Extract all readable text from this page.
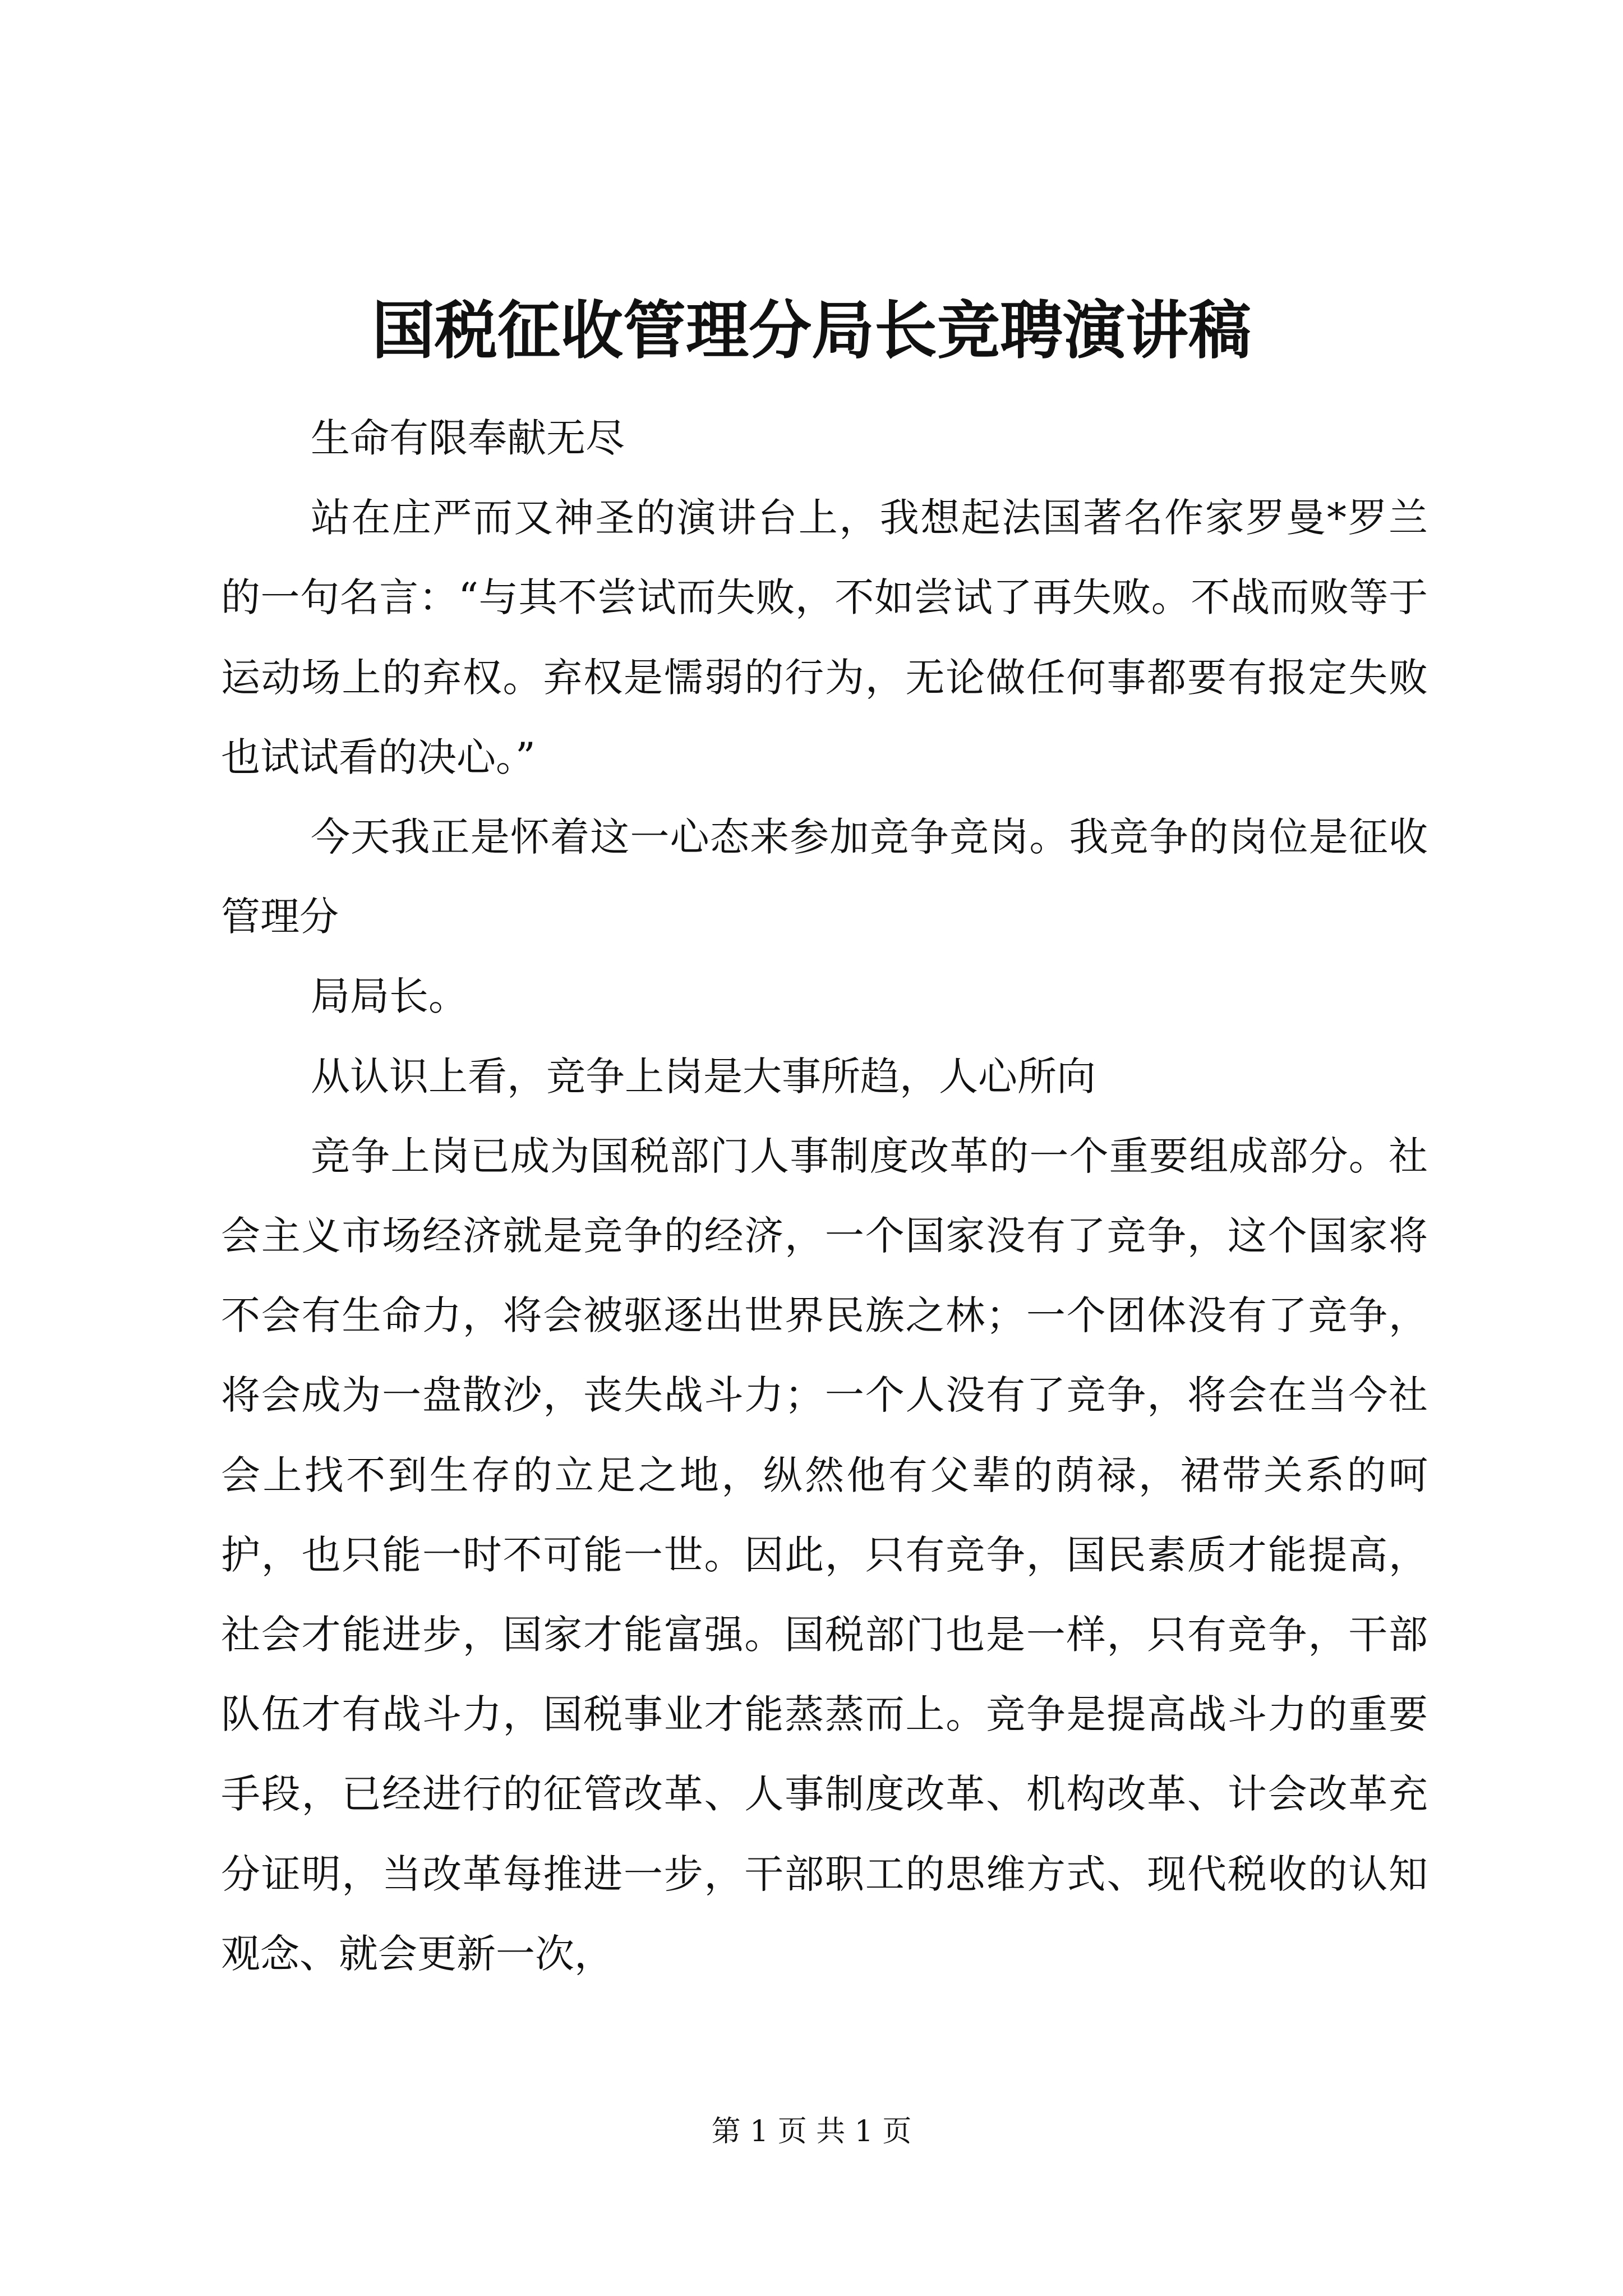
国税征收管理分局长竞聘演讲稿

生命有限奉献无尽

站在庄严而又神圣的演讲台上，我想起法国著名作家罗曼*罗兰的一句名言：“与其不尝试而失败，不如尝试了再失败。不战而败等于运动场上的弃权。弃权是懦弱的行为，无论做任何事都要有报定失败也试试看的决心。”

今天我正是怀着这一心态来参加竞争竞岗。我竞争的岗位是征收管理分

局局长。

从认识上看，竞争上岗是大事所趋，人心所向

竞争上岗已成为国税部门人事制度改革的一个重要组成部分。社会主义市场经济就是竞争的经济，一个国家没有了竞争，这个国家将不会有生命力，将会被驱逐出世界民族之林；一个团体没有了竞争，将会成为一盘散沙，丧失战斗力；一个人没有了竞争，将会在当今社会上找不到生存的立足之地，纵然他有父辈的荫禄，裙带关系的呵护，也只能一时不可能一世。因此，只有竞争，国民素质才能提高，社会才能进步，国家才能富强。国税部门也是一样，只有竞争，干部队伍才有战斗力，国税事业才能蒸蒸而上。竞争是提高战斗力的重要手段，已经进行的征管改革、人事制度改革、机构改革、计会改革充分证明，当改革每推进一步，干部职工的思维方式、现代税收的认知观念、就会更新一次，

第 1 页 共 1 页
